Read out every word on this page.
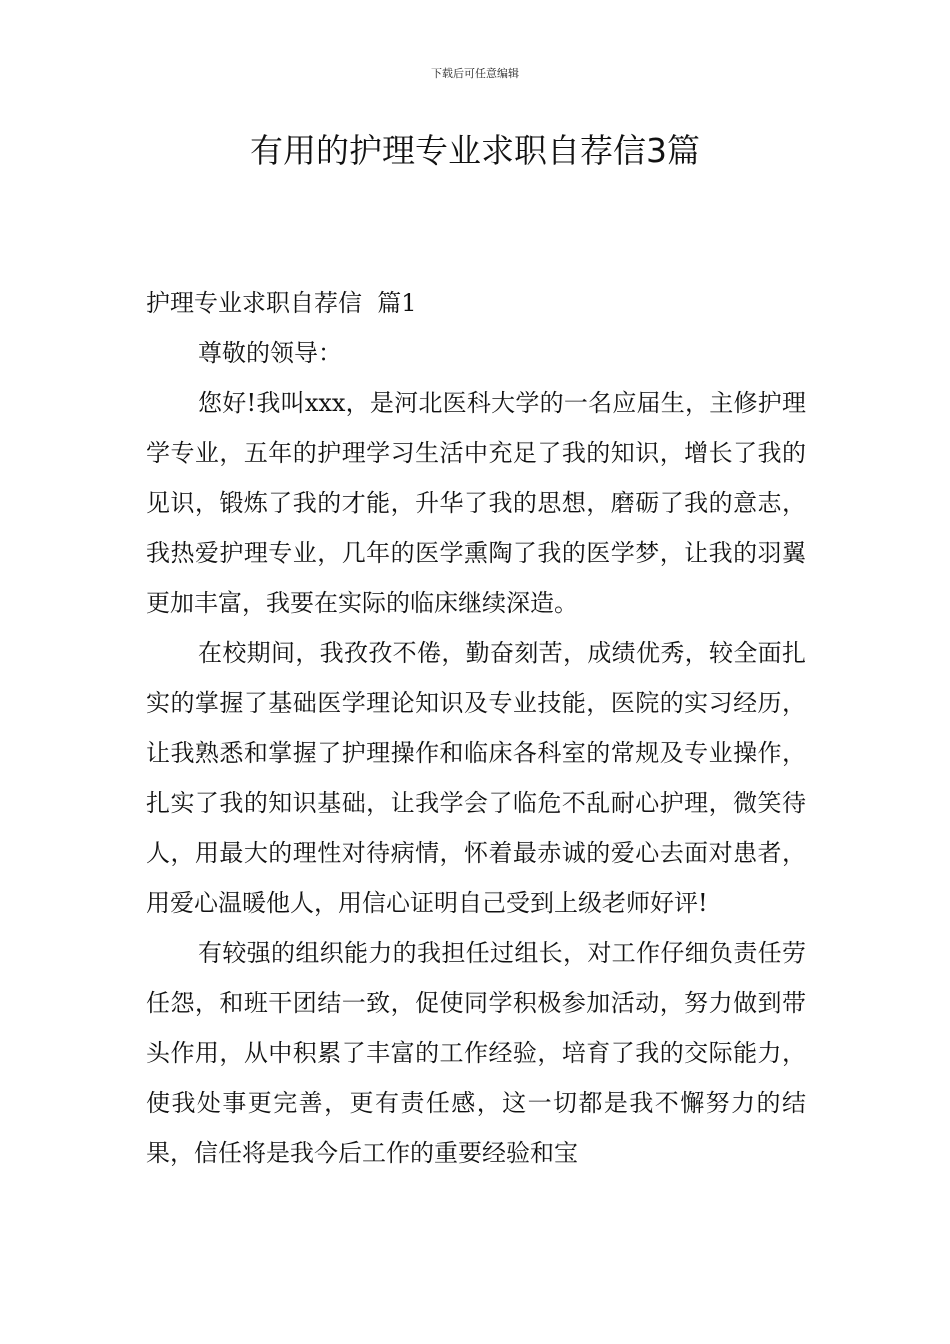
下载后可任意编辑
有用的护理专业求职自荐信3篇

护理专业求职自荐信  篇1

尊敬的领导：

您好!我叫xxx，是河北医科大学的一名应届生，主修护理学专业，五年的护理学习生活中充足了我的知识，增长了我的见识，锻炼了我的才能，升华了我的思想，磨砺了我的意志，我热爱护理专业，几年的医学熏陶了我的医学梦，让我的羽翼更加丰富，我要在实际的临床继续深造。

在校期间，我孜孜不倦，勤奋刻苦，成绩优秀，较全面扎实的掌握了基础医学理论知识及专业技能，医院的实习经历，让我熟悉和掌握了护理操作和临床各科室的常规及专业操作，扎实了我的知识基础，让我学会了临危不乱耐心护理，微笑待人，用最大的理性对待病情，怀着最赤诚的爱心去面对患者，用爱心温暖他人，用信心证明自己受到上级老师好评!

有较强的组织能力的我担任过组长，对工作仔细负责任劳任怨，和班干团结一致，促使同学积极参加活动，努力做到带头作用，从中积累了丰富的工作经验，培育了我的交际能力，使我处事更完善，更有责任感，这一切都是我不懈努力的结果，信任将是我今后工作的重要经验和宝
